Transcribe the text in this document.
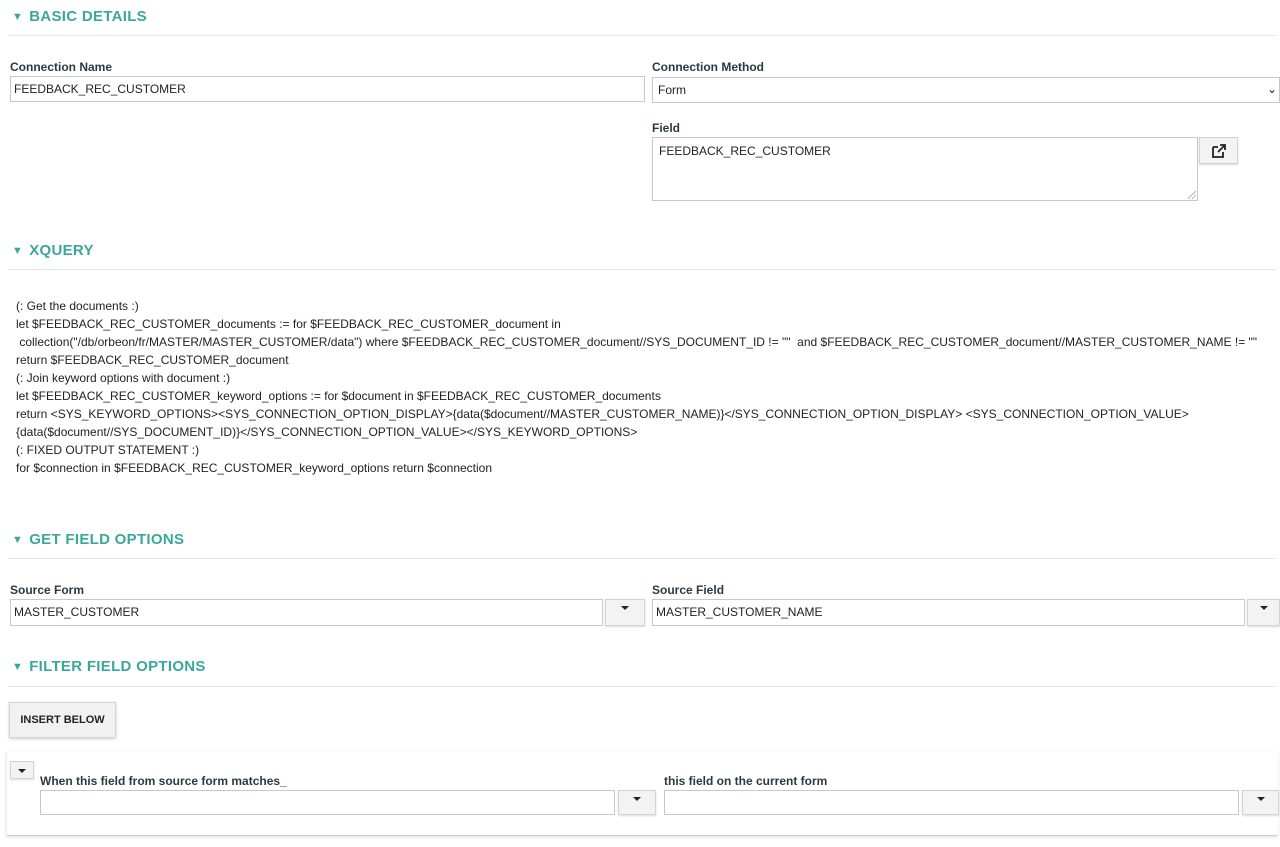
▼ BASIC DETAILS
Connection Name
FEEDBACK_REC_CUSTOMER
Connection Method
Form	⌄
Field
FEEDBACK_REC_CUSTOMER
▼ XQUERY
(: Get the documents :)
let $FEEDBACK_REC_CUSTOMER_documents := for $FEEDBACK_REC_CUSTOMER_document in
collection("/db/orbeon/fr/MASTER/MASTER_CUSTOMER/data") where $FEEDBACK_REC_CUSTOMER_document//SYS_DOCUMENT_ID != ""  and $FEEDBACK_REC_CUSTOMER_document//MASTER_CUSTOMER_NAME != ""
return $FEEDBACK_REC_CUSTOMER_document
(: Join keyword options with document :)
let $FEEDBACK_REC_CUSTOMER_keyword_options := for $document in $FEEDBACK_REC_CUSTOMER_documents
return <SYS_KEYWORD_OPTIONS><SYS_CONNECTION_OPTION_DISPLAY>{data($document//MASTER_CUSTOMER_NAME)}</SYS_CONNECTION_OPTION_DISPLAY> <SYS_CONNECTION_OPTION_VALUE>
{data($document//SYS_DOCUMENT_ID)}</SYS_CONNECTION_OPTION_VALUE></SYS_KEYWORD_OPTIONS>
(: FIXED OUTPUT STATEMENT :)
for $connection in $FEEDBACK_REC_CUSTOMER_keyword_options return $connection
▼ GET FIELD OPTIONS
Source Form
MASTER_CUSTOMER
Source Field
MASTER_CUSTOMER_NAME
▼ FILTER FIELD OPTIONS
INSERT BELOW
When this field from source form matches_	this field on the current form
